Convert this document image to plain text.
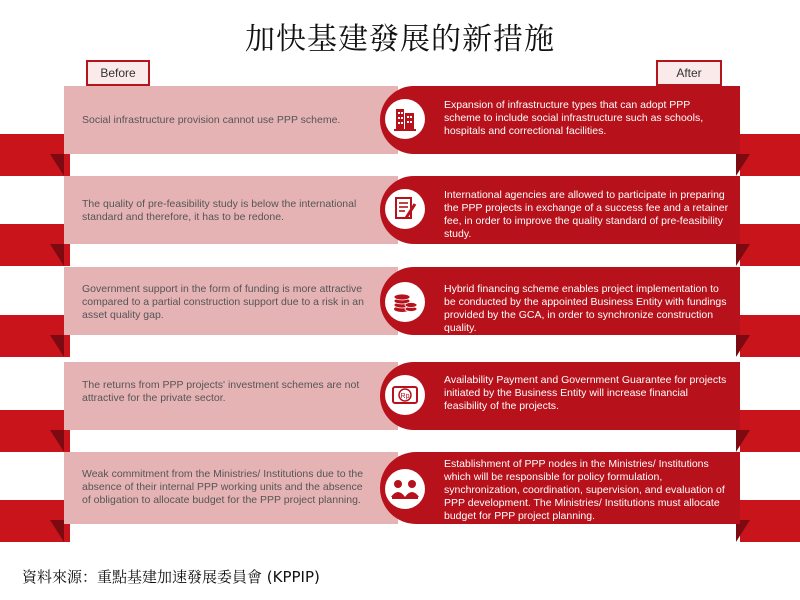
加快基建發展的新措施
Before	After
Social infrastructure provision cannot use PPP scheme.
Expansion of infrastructure types that can adopt PPP scheme to include social infrastructure such as schools, hospitals and correctional facilities.
The quality of pre-feasibility study is below the international standard and therefore, it has to be redone.
International agencies are allowed to participate in preparing the PPP projects in exchange of a success fee and a retainer fee, in order to improve the quality standard of pre-feasibility study.
Government support in the form of funding is more attractive compared to a partial construction support due to a risk in an asset quality gap.
Hybrid financing scheme enables project implementation to be conducted by the appointed Business Entity with fundings provided by the GCA, in order to synchronize construction quality.
The returns from PPP projects' investment schemes are not attractive for the private sector.	Rp
Availability Payment and Government Guarantee for projects initiated by the Business Entity will increase financial feasibility of the projects.
Weak commitment from the Ministries/ Institutions due to the absence of their internal PPP working units and the absence of obligation to allocate budget for the PPP project planning.
Establishment of PPP nodes in the Ministries/ Institutions which will be responsible for policy formulation, synchronization, coordination, supervision, and evaluation of PPP development. The Ministries/ Institutions must allocate budget for PPP project planning.
資料來源：重點基建加速發展委員會 (KPPIP)
